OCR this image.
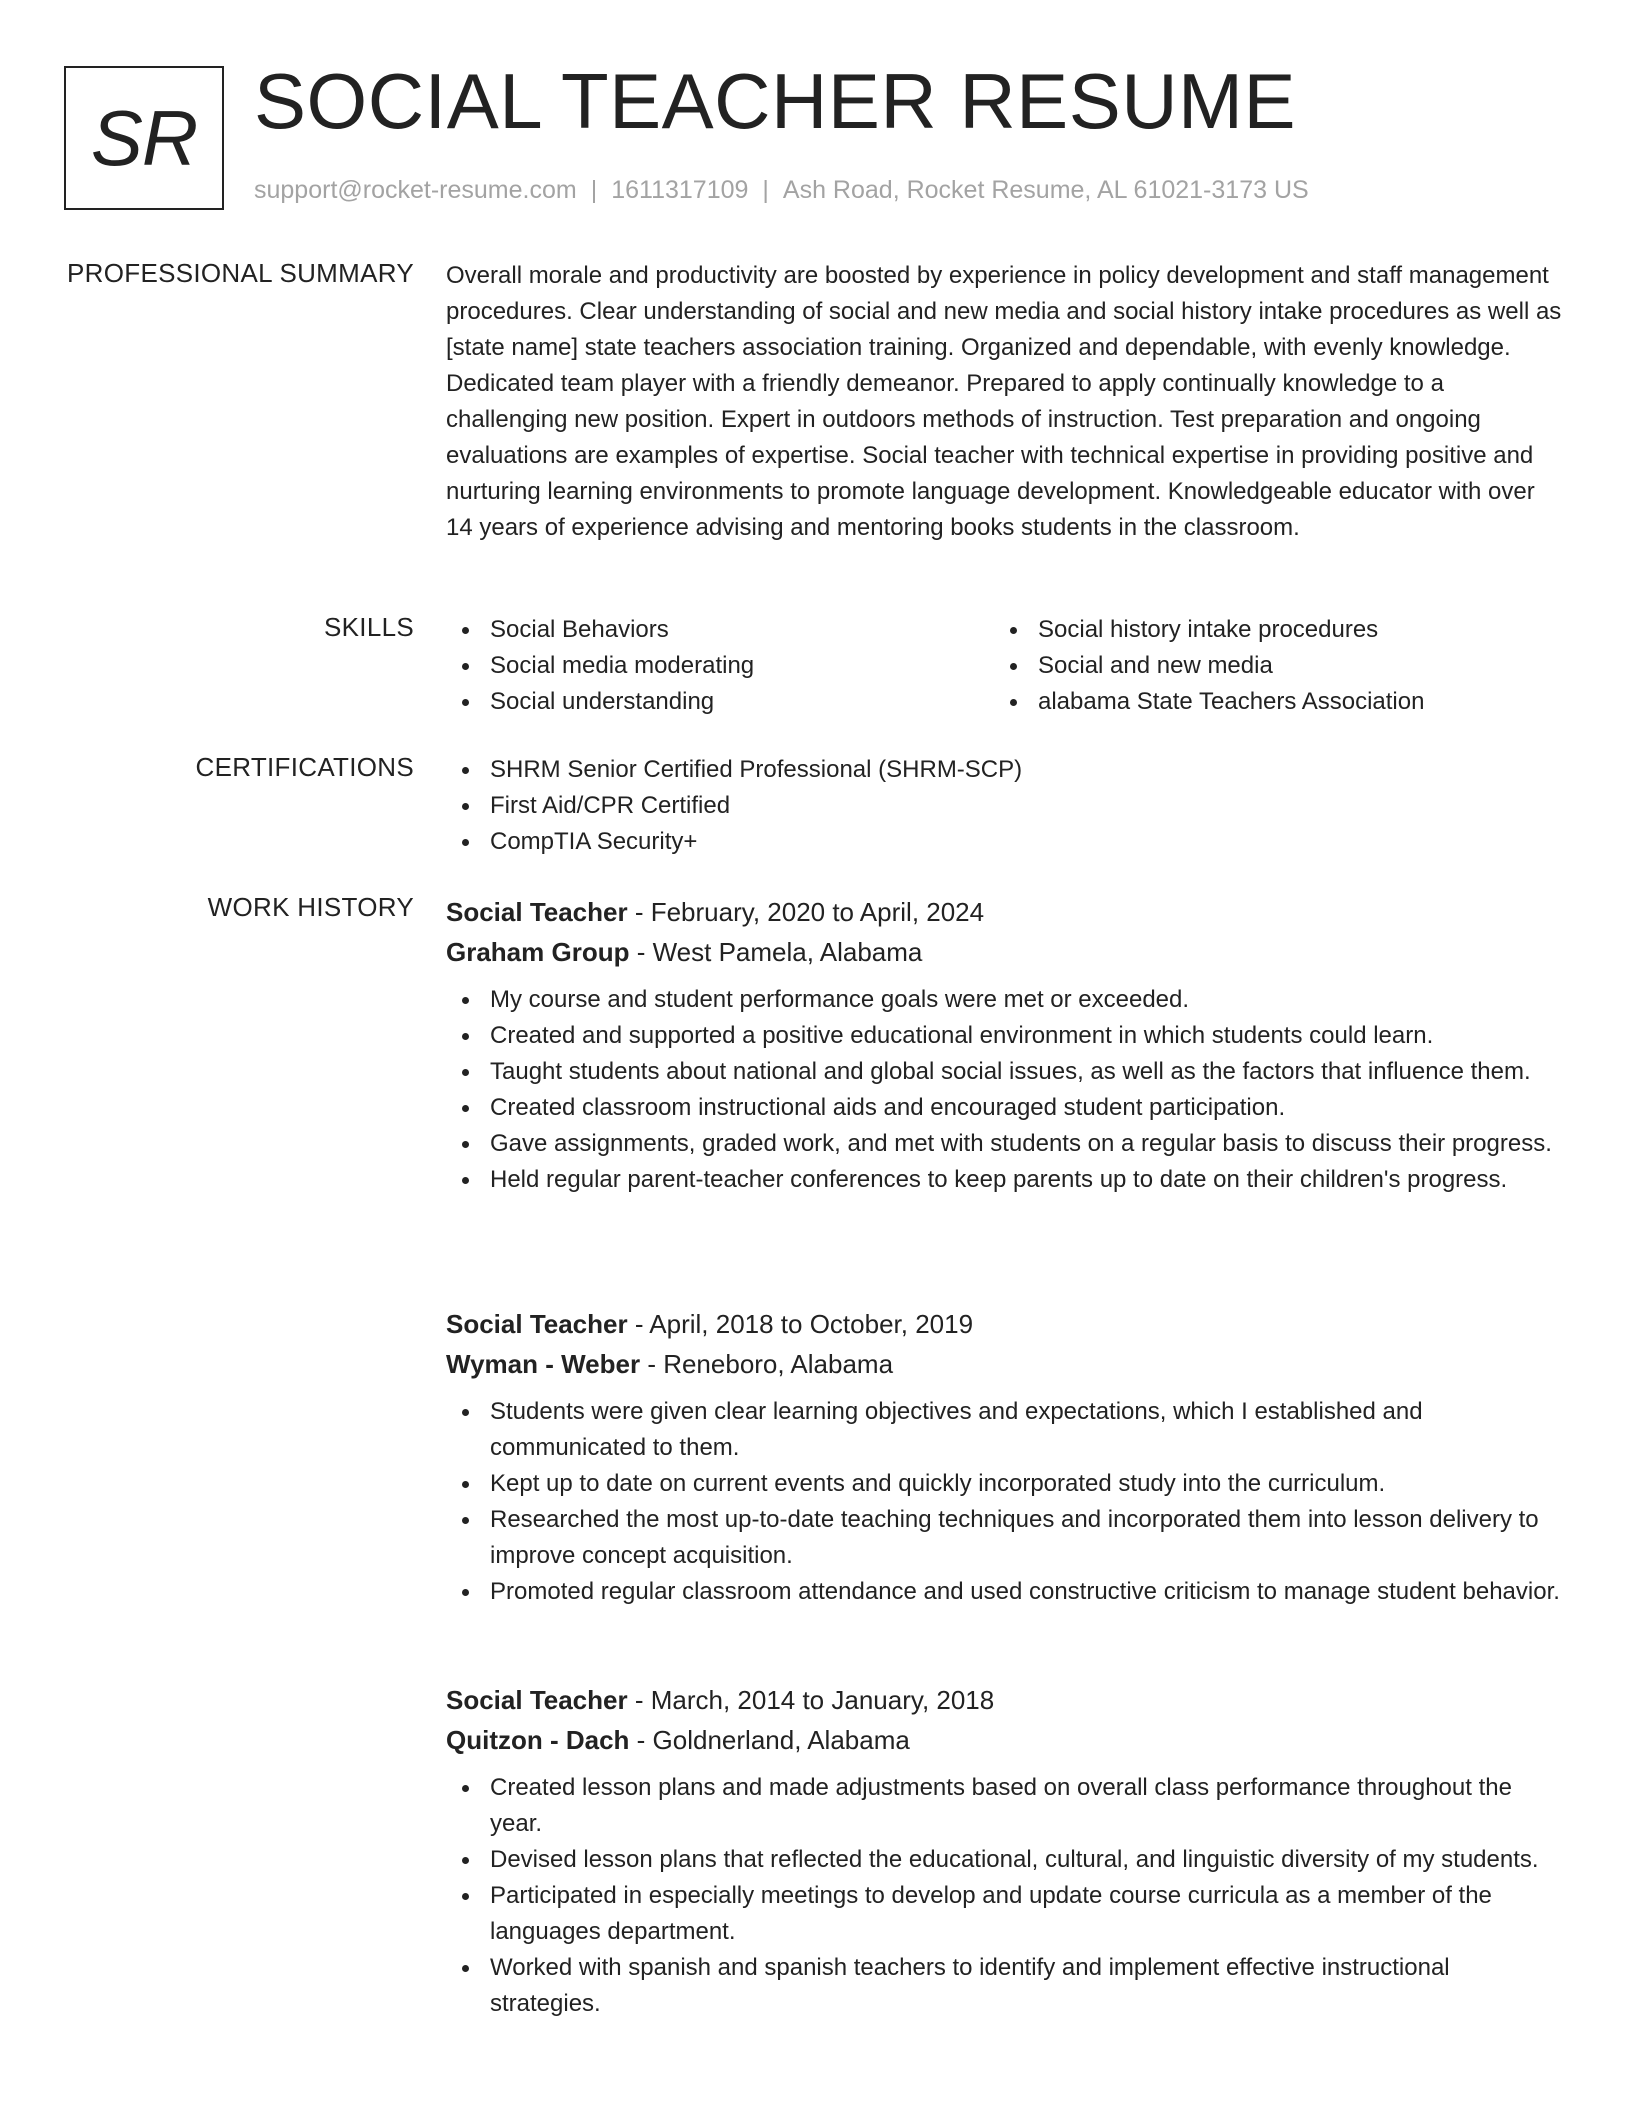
SR SOCIAL TEACHER RESUME
support@rocket-resume.com | 1611317109 | Ash Road, Rocket Resume, AL 61021-3173 US
PROFESSIONAL SUMMARY Overall morale and productivity are boosted by experience in policy development and staff management procedures. Clear understanding of social and new media and social history intake procedures as well as [state name] state teachers association training. Organized and dependable, with evenly knowledge. Dedicated team player with a friendly demeanor. Prepared to apply continually knowledge to a challenging new position. Expert in outdoors methods of instruction. Test preparation and ongoing evaluations are examples of expertise. Social teacher with technical expertise in providing positive and nurturing learning environments to promote language development. Knowledgeable educator with over 14 years of experience advising and mentoring books students in the classroom.
SKILLS	Social Behaviors
Social media moderating
Social understanding
Social history intake procedures
Social and new media
alabama State Teachers Association
CERTIFICATIONS	SHRM Senior Certified Professional (SHRM-SCP)
First Aid/CPR Certified
CompTIA Security+
WORK HISTORY Social Teacher - February, 2020 to April, 2024
Graham Group - West Pamela, Alabama
My course and student performance goals were met or exceeded.
Created and supported a positive educational environment in which students could learn.
Taught students about national and global social issues, as well as the factors that influence them.
Created classroom instructional aids and encouraged student participation.
Gave assignments, graded work, and met with students on a regular basis to discuss their progress.
Held regular parent-teacher conferences to keep parents up to date on their children's progress.
Social Teacher - April, 2018 to October, 2019
Wyman - Weber - Reneboro, Alabama
Students were given clear learning objectives and expectations, which I established and communicated to them.
Kept up to date on current events and quickly incorporated study into the curriculum.
Researched the most up-to-date teaching techniques and incorporated them into lesson delivery to improve concept acquisition.
Promoted regular classroom attendance and used constructive criticism to manage student behavior.
Social Teacher - March, 2014 to January, 2018
Quitzon - Dach - Goldnerland, Alabama
Created lesson plans and made adjustments based on overall class performance throughout the year.
Devised lesson plans that reflected the educational, cultural, and linguistic diversity of my students.
Participated in especially meetings to develop and update course curricula as a member of the languages department.
Worked with spanish and spanish teachers to identify and implement effective instructional strategies.
